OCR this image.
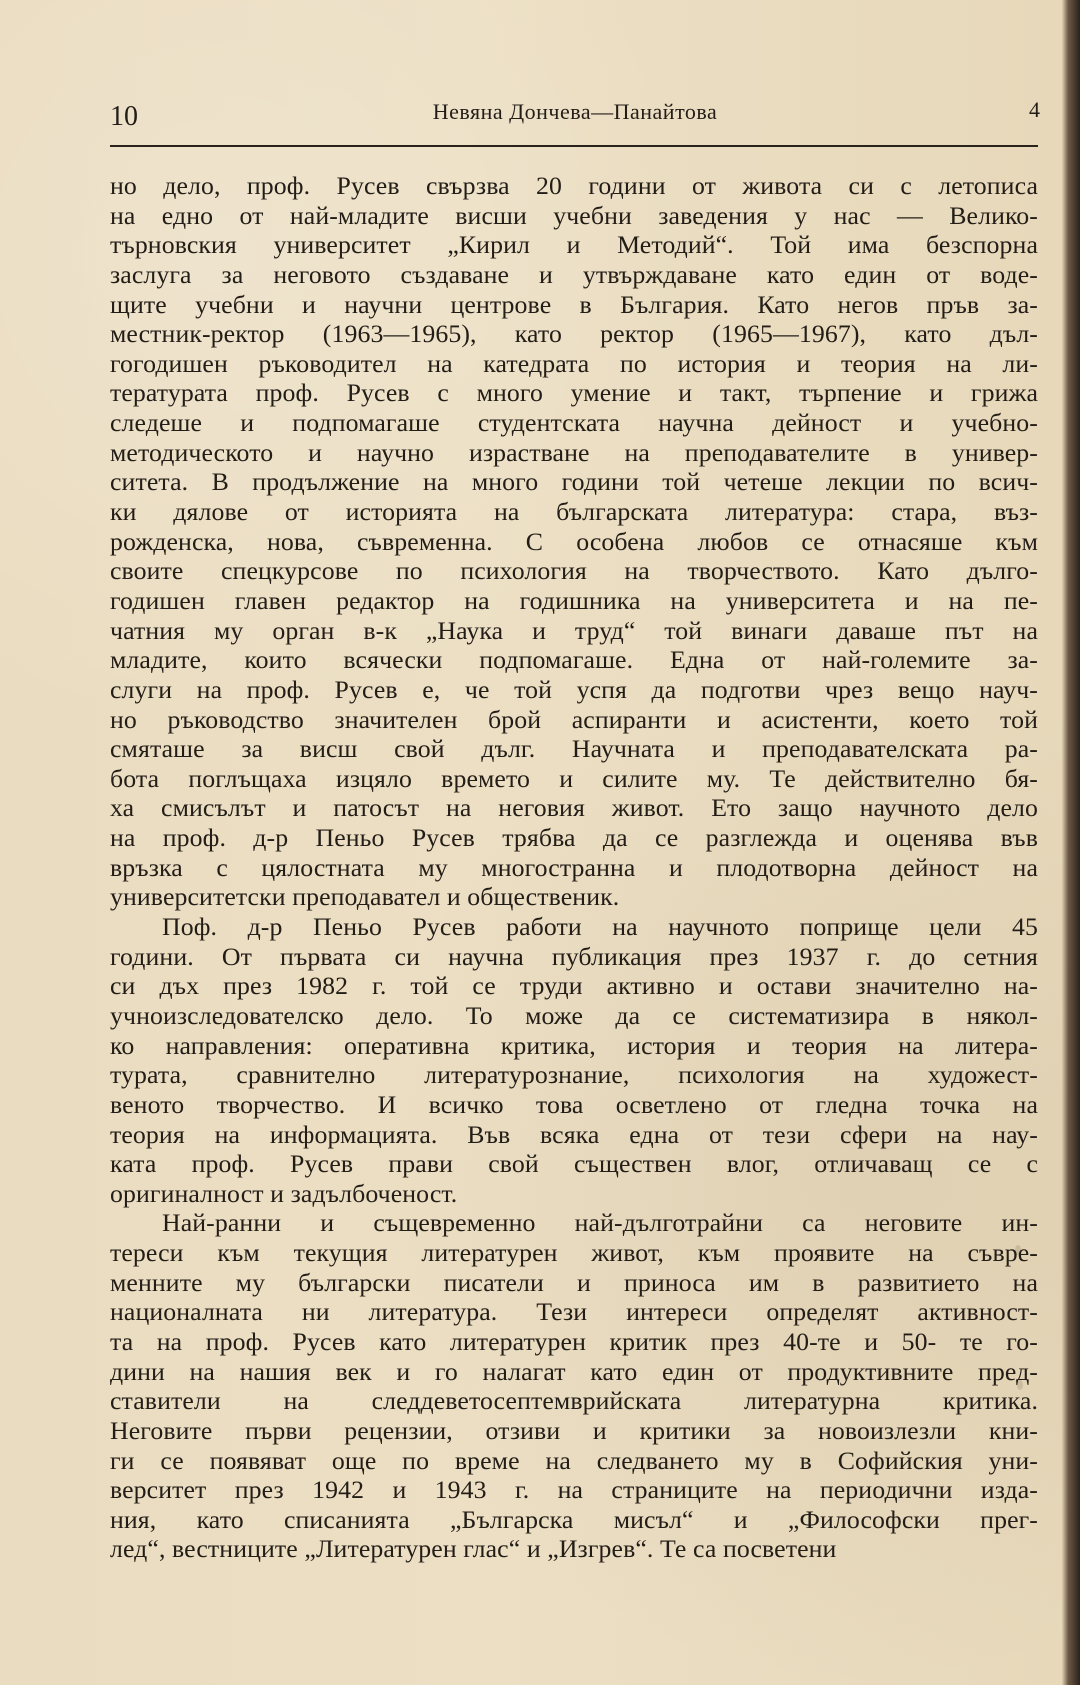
10	Невяна Дончева—Панайтова	4
но дело, проф. Русев свързва 20 години от живота си с летописа
на едно от най-младите висши учебни заведения у нас — Велико-
търновския университет „Кирил и Методий“. Той има безспорна
заслуга за неговото създаване и утвърждаване като един от воде-
щите учебни и научни центрове в България. Като негов пръв за-
местник-ректор (1963—1965), като ректор (1965—1967), като дъл-
гогодишен ръководител на катедрата по история и теория на ли-
тературата проф. Русев с много умение и такт, търпение и грижа
следеше и подпомагаше студентската научна дейност и учебно-
методическото и научно израстване на преподавателите в универ-
ситета. В продължение на много години той четеше лекции по всич-
ки дялове от историята на българската литература: стара, въз-
рожденска, нова, съвременна. С особена любов се отнасяше към
своите спецкурсове по психология на творчеството. Като дълго-
годишен главен редактор на годишника на университета и на пе-
чатния му орган в-к „Наука и труд“ той винаги даваше път на
младите, които всячески подпомагаше. Една от най-големите за-
слуги на проф. Русев е, че той успя да подготви чрез вещо науч-
но ръководство значителен брой аспиранти и асистенти, което той
смяташе за висш свой дълг. Научната и преподавателската ра-
бота поглъщаха изцяло времето и силите му. Те действително бя-
ха смисълът и патосът на неговия живот. Ето защо научното дело
на проф. д-р Пеньо Русев трябва да се разглежда и оценява във
връзка с цялостната му многостранна и плодотворна дейност на
университетски преподавател и общественик.
Поф. д-р Пеньо Русев работи на научното поприще цели 45
години. От първата си научна публикация през 1937 г. до сетния
си дъх през 1982 г. той се труди активно и остави значително на-
учноизследователско дело. То може да се систематизира в някол-
ко направления: оперативна критика, история и теория на литера-
турата, сравнително литературознание, психология на художест-
веното творчество. И всичко това осветлено от гледна точка на
теория на информацията. Във всяка една от тези сфери на нау-
ката проф. Русев прави свой съществен влог, отличаващ се с
оригиналност и задълбоченост.
Най-ранни и същевременно най-дълготрайни са неговите ин-
тереси към текущия литературен живот, към проявите на съвре-
менните му български писатели и приноса им в развитието на
националната ни литература. Тези интереси определят активност-
та на проф. Русев като литературен критик през 40-те и 50- те го-
дини на нашия век и го налагат като един от продуктивните пред-
ставители на следдеветосептемврийската литературна критика.
Неговите първи рецензии, отзиви и критики за новоизлезли кни-
ги се появяват още по време на следването му в Софийския уни-
верситет през 1942 и 1943 г. на страниците на периодични изда-
ния, като списанията „Българска мисъл“ и „Философски прег-
лед“, вестниците „Литературен глас“ и „Изгрев“. Те са посветени
